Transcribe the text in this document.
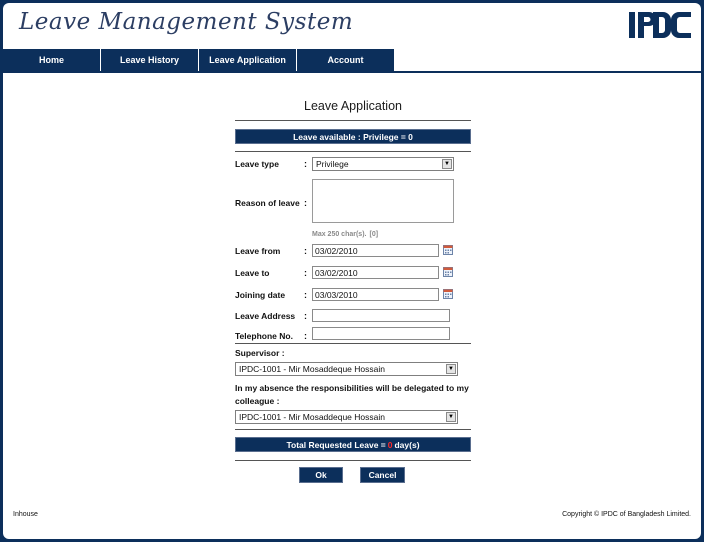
Leave Management System
Home	Leave History	Leave Application	Account
Leave Application
Leave available
:
Privilege = 0
Leave type	: Privilege	▼
Reason of leave :
Max 250 char(s). [0]
Leave from	: 03/02/2010
Leave to	: 03/02/2010
Joining date : 03/03/2010
Leave Address :
Telephone No. :
Supervisor :
IPDC-1001 - Mir Mosaddeque Hossain	▼
In my absence the responsibilities will be delegated to my colleague :
IPDC-1001 - Mir Mosaddeque Hossain	▼
Total Requested Leave = 0 day(s)
Ok	Cancel
Inhouse	Copyright © IPDC of Bangladesh Limited.
